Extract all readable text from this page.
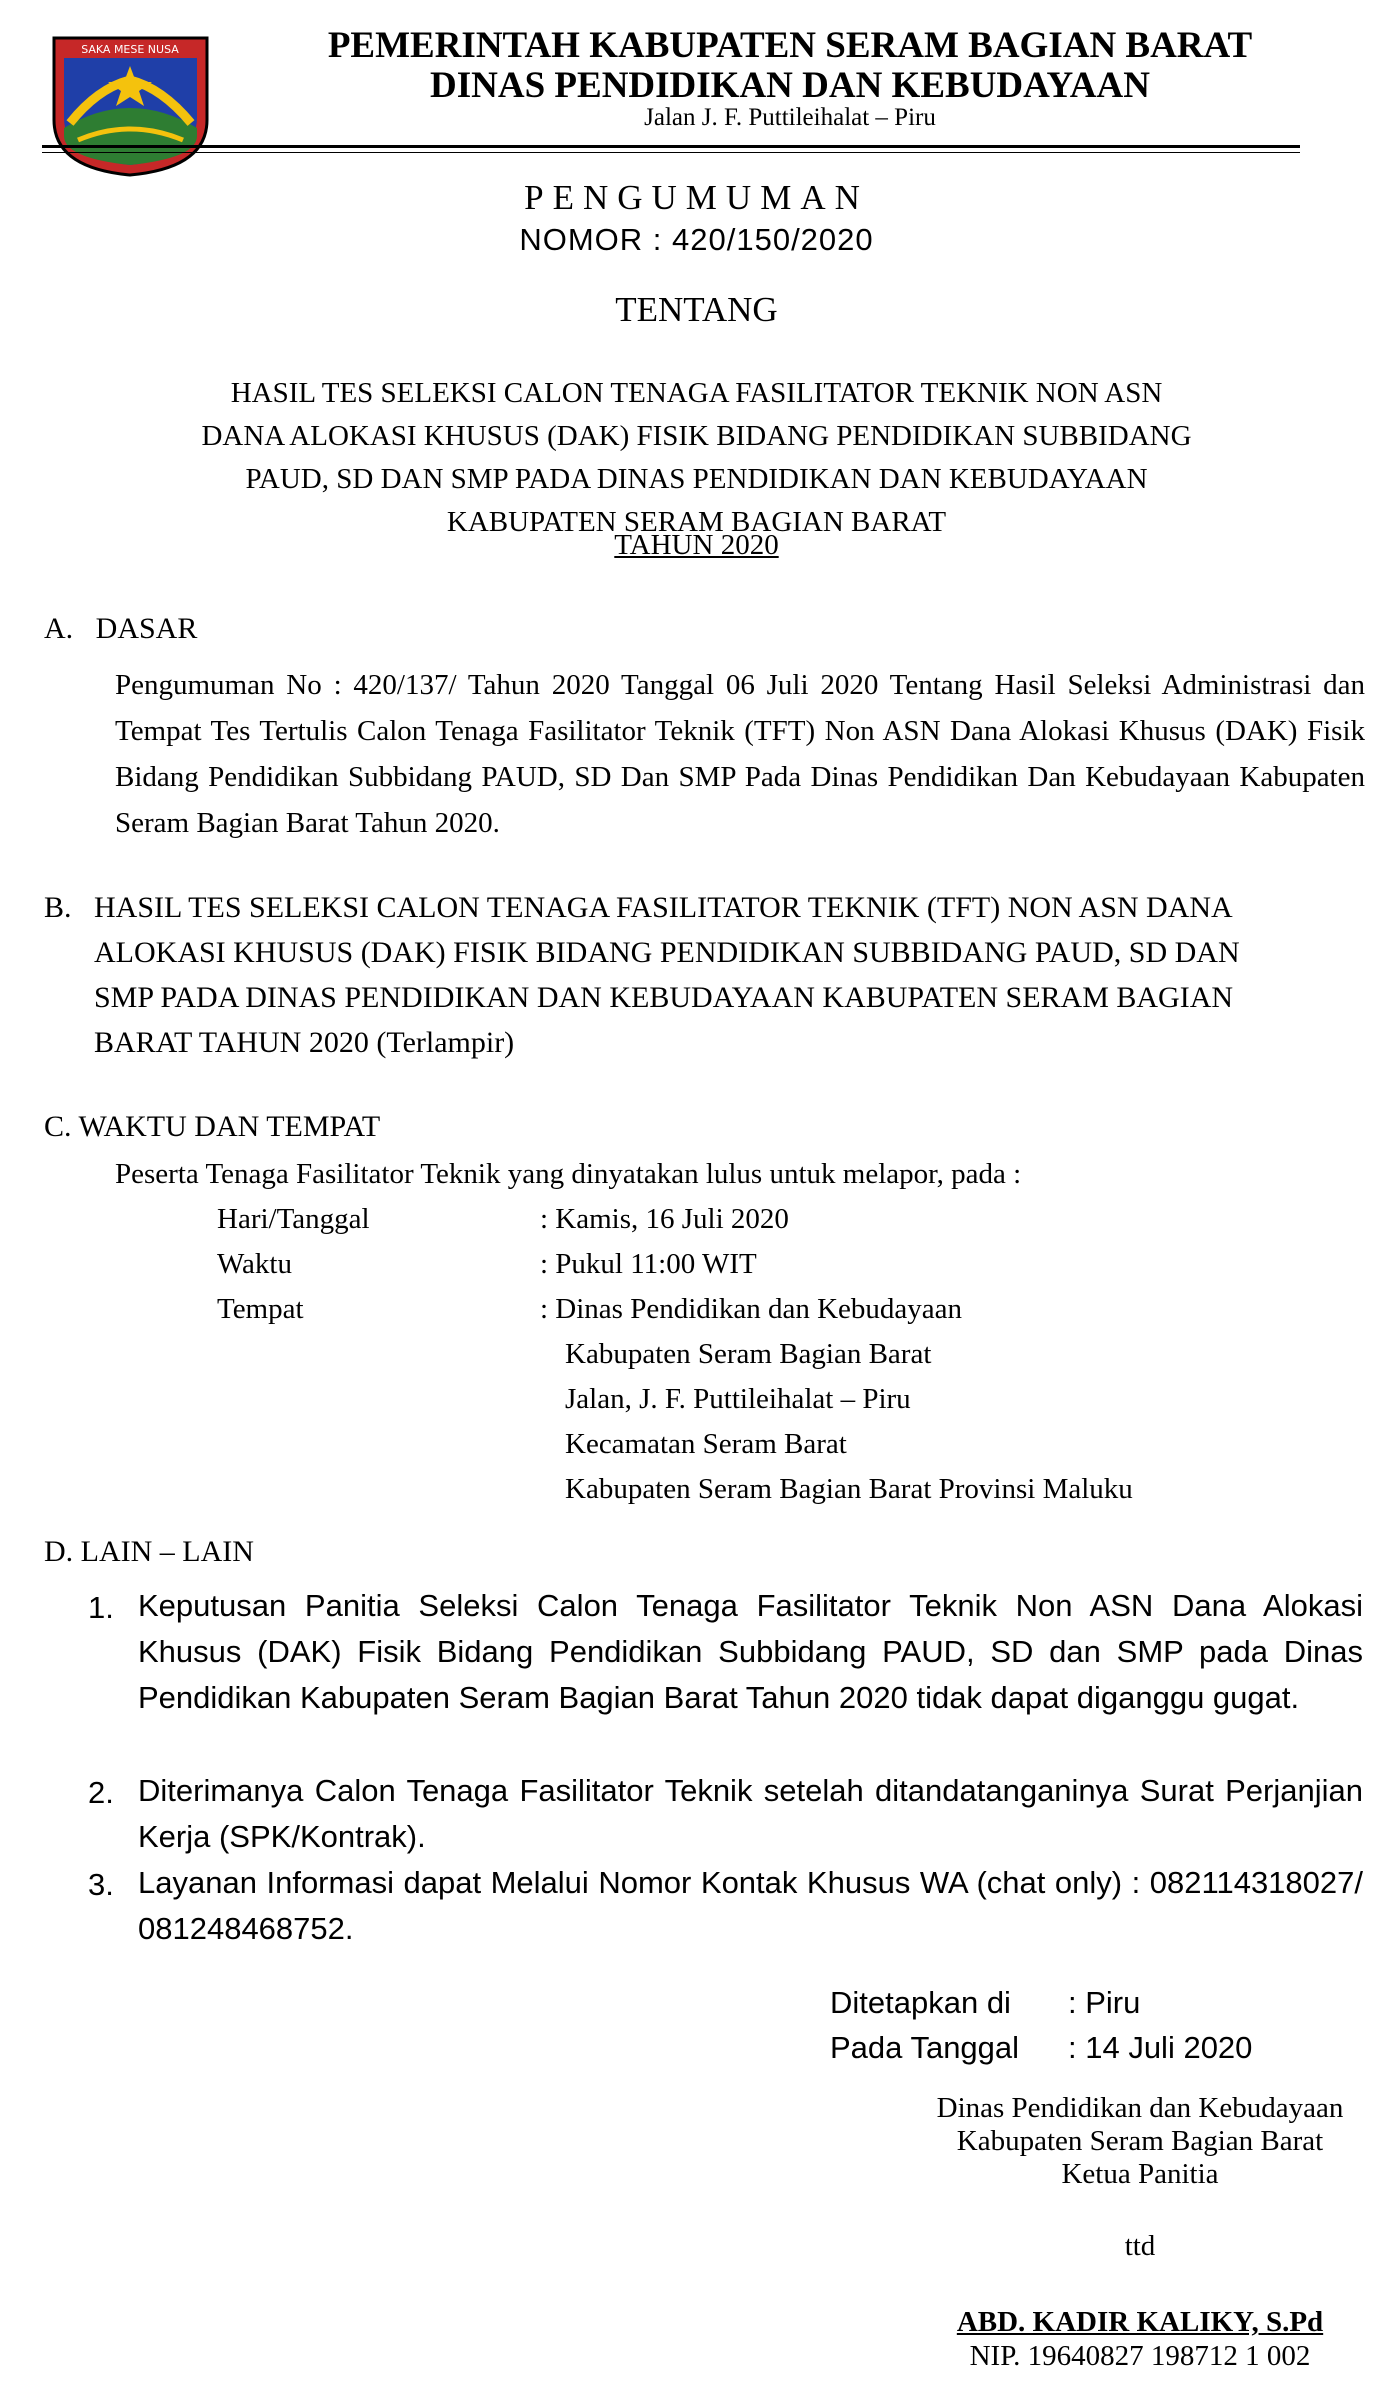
SAKA MESE NUSA	PEMERINTAH KABUPATEN SERAM BAGIAN BARAT
DINAS PENDIDIKAN DAN KEBUDAYAAN
Jalan J. F. Puttileihalat – Piru
PENGUMUMAN
NOMOR : 420/150/2020
TENTANG
HASIL TES SELEKSI CALON TENAGA FASILITATOR TEKNIK NON ASN
DANA ALOKASI KHUSUS (DAK) FISIK BIDANG PENDIDIKAN SUBBIDANG
PAUD, SD DAN SMP PADA DINAS PENDIDIKAN DAN KEBUDAYAAN
KABUPATEN SERAM BAGIAN BARAT
TAHUN 2020
A.   DASAR
Pengumuman No : 420/137/ Tahun 2020 Tanggal 06 Juli 2020 Tentang Hasil Seleksi Administrasi dan Tempat Tes Tertulis Calon Tenaga Fasilitator Teknik (TFT) Non ASN Dana Alokasi Khusus (DAK) Fisik Bidang Pendidikan Subbidang PAUD, SD Dan SMP Pada Dinas Pendidikan Dan Kebudayaan Kabupaten Seram Bagian Barat Tahun 2020.
B. HASIL TES SELEKSI CALON TENAGA FASILITATOR TEKNIK (TFT) NON ASN DANA
ALOKASI KHUSUS (DAK) FISIK BIDANG PENDIDIKAN SUBBIDANG PAUD, SD DAN
SMP PADA DINAS PENDIDIKAN DAN KEBUDAYAAN KABUPATEN SERAM BAGIAN
BARAT TAHUN 2020 (Terlampir)
C. WAKTU DAN TEMPAT
Peserta Tenaga Fasilitator Teknik yang dinyatakan lulus untuk melapor, pada :
Hari/Tanggal	: Kamis, 16 Juli 2020
Waktu	: Pukul 11:00 WIT
Tempat	: Dinas Pendidikan dan Kebudayaan
Kabupaten Seram Bagian Barat
Jalan, J. F. Puttileihalat – Piru
Kecamatan Seram Barat
Kabupaten Seram Bagian Barat Provinsi Maluku
D. LAIN – LAIN
1. Keputusan Panitia Seleksi Calon Tenaga Fasilitator Teknik Non ASN Dana Alokasi Khusus (DAK) Fisik Bidang Pendidikan Subbidang PAUD, SD dan SMP pada Dinas Pendidikan Kabupaten Seram Bagian Barat Tahun 2020 tidak dapat diganggu gugat.
2. Diterimanya Calon Tenaga Fasilitator Teknik setelah ditandatanganinya Surat Perjanjian Kerja (SPK/Kontrak).
3. Layanan Informasi dapat Melalui Nomor Kontak Khusus WA (chat only) : 082114318027/ 081248468752.
Ditetapkan di : Piru
Pada Tanggal : 14 Juli 2020
Dinas Pendidikan dan Kebudayaan
Kabupaten Seram Bagian Barat
Ketua Panitia
ttd
ABD. KADIR KALIKY, S.Pd
NIP. 19640827 198712 1 002
